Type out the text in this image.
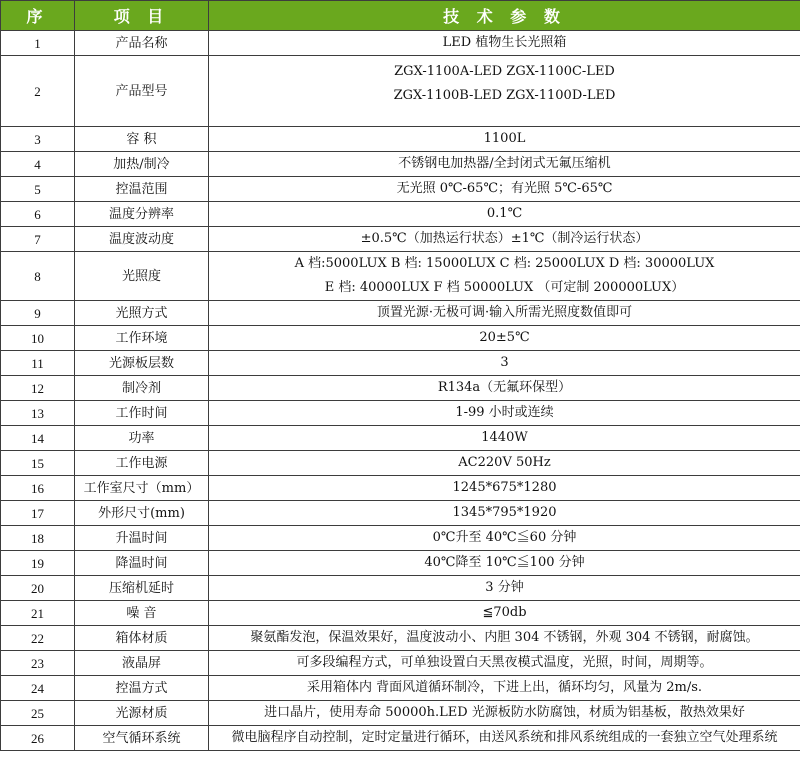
序	项 目	技 术 参 数
1	产品名称	LED 植物生长光照箱

2	产品型号	ZGX-1100A-LED ZGX-1100C-LED
ZGX-1100B-LED ZGX-1100D-LED

3	容 积	1100L

4	加热/制冷	不锈钢电加热器/全封闭式无氟压缩机

5	控温范围	无光照 0℃-65℃；有光照 5℃-65℃

6	温度分辨率	0.1℃

7	温度波动度	±0.5℃（加热运行状态）±1℃（制冷运行状态）

8	光照度	A 档:5000LUX B 档: 15000LUX C 档: 25000LUX D 档: 30000LUX
E 档: 40000LUX F 档 50000LUX （可定制 200000LUX）

9	光照方式	顶置光源·无极可调·输入所需光照度数值即可

10	工作环境	20±5℃

11	光源板层数	3

12	制冷剂	R134a（无氟环保型）

13	工作时间	1-99 小时或连续

14	功率	1440W

15	工作电源	AC220V 50Hz

16	工作室尺寸（mm）	1245*675*1280

17	外形尺寸(mm)	1345*795*1920

18	升温时间	0℃升至 40℃≦60 分钟

19	降温时间	40℃降至 10℃≦100 分钟

20	压缩机延时	3 分钟

21	噪 音	≦70db

22	箱体材质	聚氨酯发泡，保温效果好，温度波动小、内胆 304 不锈钢，外观 304 不锈钢，耐腐蚀。

23	液晶屏	可多段编程方式，可单独设置白天黑夜模式温度，光照，时间，周期等。

24	控温方式	采用箱体内 背面风道循环制冷，下进上出，循环均匀，风量为 2m/s.

25	光源材质	进口晶片，使用寿命 50000h.LED 光源板防水防腐蚀，材质为铝基板，散热效果好

26	空气循环系统	微电脑程序自动控制，定时定量进行循环，由送风系统和排风系统组成的一套独立空气处理系统
